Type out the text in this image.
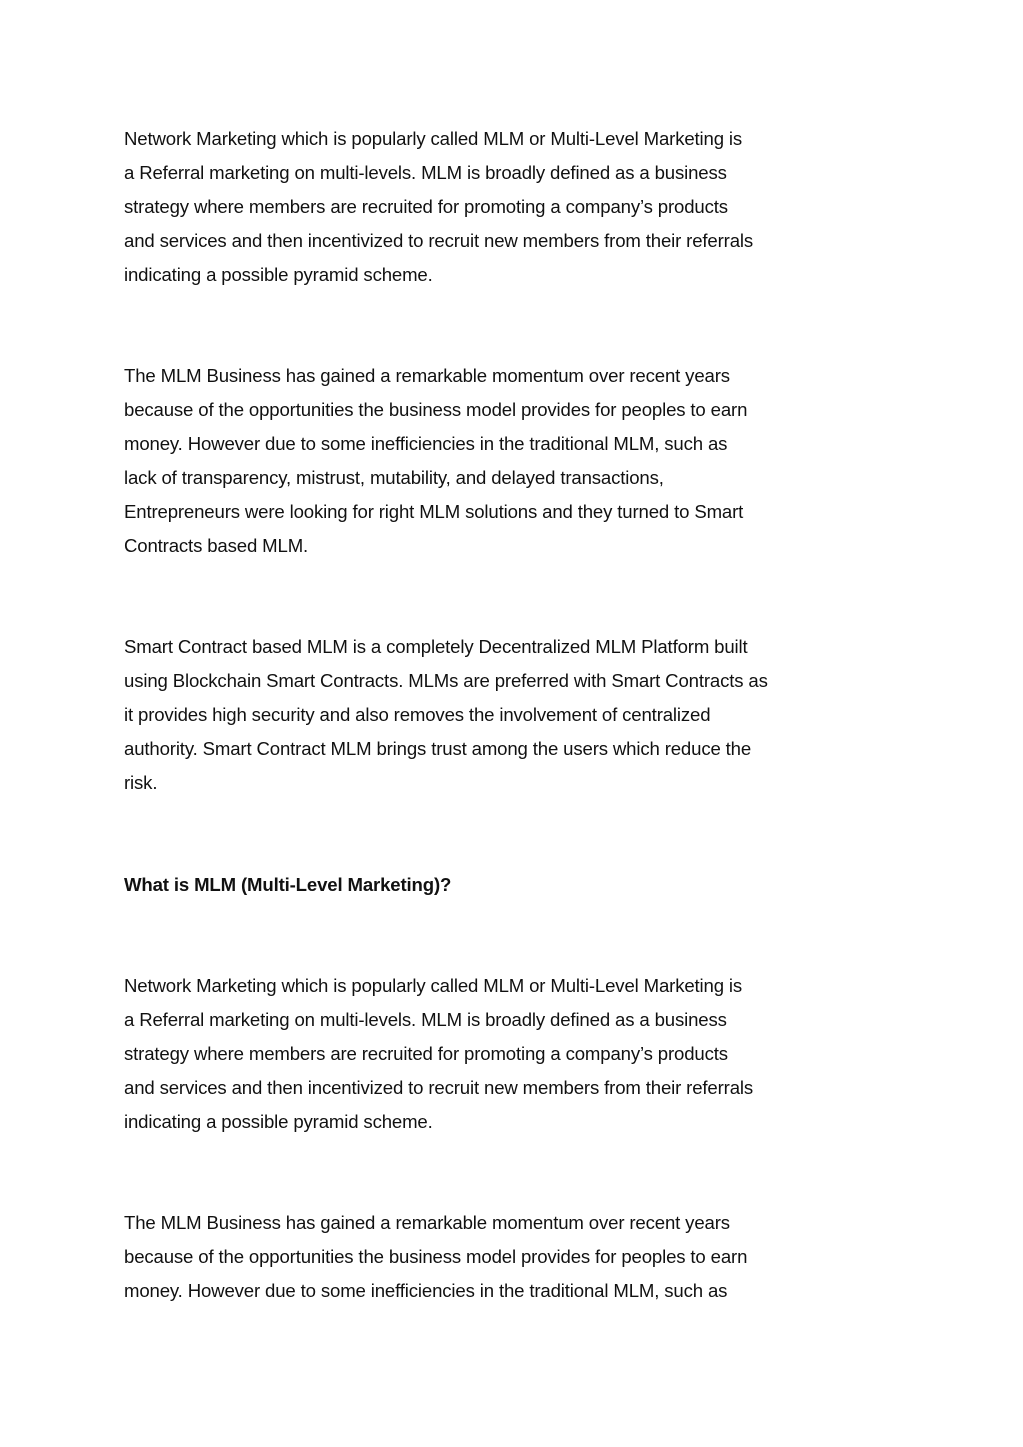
Network Marketing which is popularly called MLM or Multi-Level Marketing is
a Referral marketing on multi-levels. MLM is broadly defined as a business
strategy where members are recruited for promoting a company’s products
and services and then incentivized to recruit new members from their referrals
indicating a possible pyramid scheme.
The MLM Business has gained a remarkable momentum over recent years
because of the opportunities the business model provides for peoples to earn
money. However due to some inefficiencies in the traditional MLM, such as
lack of transparency, mistrust, mutability, and delayed transactions,
Entrepreneurs were looking for right MLM solutions and they turned to Smart
Contracts based MLM.
Smart Contract based MLM is a completely Decentralized MLM Platform built
using Blockchain Smart Contracts. MLMs are preferred with Smart Contracts as
it provides high security and also removes the involvement of centralized
authority. Smart Contract MLM brings trust among the users which reduce the
risk.
What is MLM (Multi-Level Marketing)?
Network Marketing which is popularly called MLM or Multi-Level Marketing is
a Referral marketing on multi-levels. MLM is broadly defined as a business
strategy where members are recruited for promoting a company’s products
and services and then incentivized to recruit new members from their referrals
indicating a possible pyramid scheme.
The MLM Business has gained a remarkable momentum over recent years
because of the opportunities the business model provides for peoples to earn
money. However due to some inefficiencies in the traditional MLM, such as
